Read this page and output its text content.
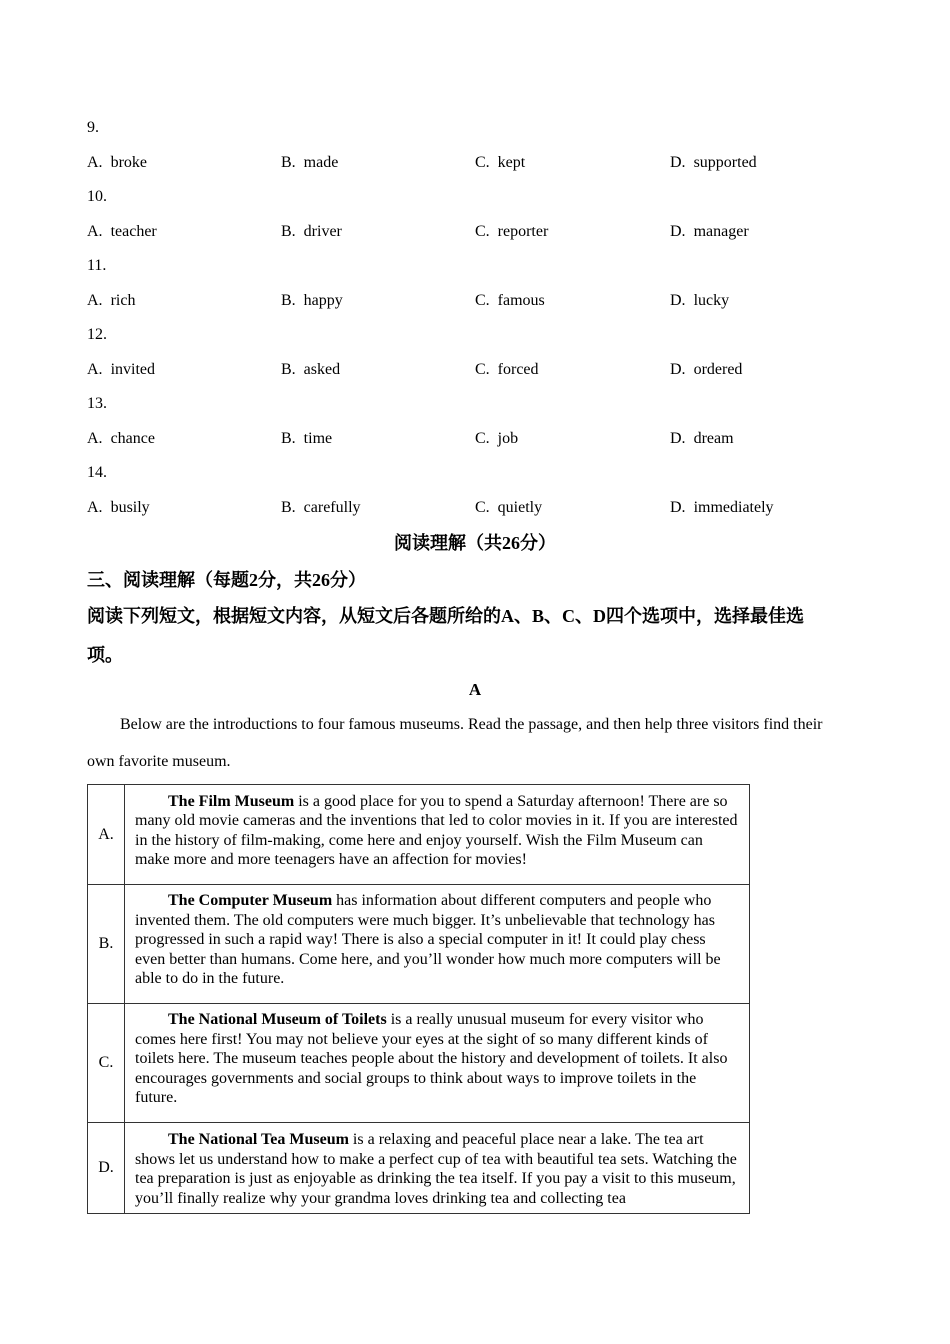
9.
A. broke	B. made	C. kept	D. supported
10.
A. teacher	B. driver	C. reporter	D. manager
11.
A. rich	B. happy	C. famous	D. lucky
12.
A. invited	B. asked	C. forced	D. ordered
13.
A. chance	B. time	C. job	D. dream
14.
A. busily	B. carefully	C. quietly	D. immediately
阅读理解（共26分）
三、阅读理解（每题2分，共26分）
阅读下列短文，根据短文内容，从短文后各题所给的A、B、C、D四个选项中，选择最佳选
项。
A
Below are the introductions to four famous museums. Read the passage, and then help three visitors find their
own favorite museum.
A.	The Film Museum is a good place for you to spend a Saturday afternoon! There are so many old movie cameras and the inventions that led to color movies in it. If you are interested in the history of film-making, come here and enjoy yourself. Wish the Film Museum can make more and more teenagers have an affection for movies!
B.	The Computer Museum has information about different computers and people who invented them. The old computers were much bigger. It’s unbelievable that technology has progressed in such a rapid way! There is also a special computer in it! It could play chess even better than humans. Come here, and you’ll wonder how much more computers will be able to do in the future.
C.	The National Museum of Toilets is a really unusual museum for every visitor who comes here first! You may not believe your eyes at the sight of so many different kinds of toilets here. The museum teaches people about the history and development of toilets. It also encourages governments and social groups to think about ways to improve toilets in the future.
D.	The National Tea Museum is a relaxing and peaceful place near a lake. The tea art shows let us understand how to make a perfect cup of tea with beautiful tea sets. Watching the tea preparation is just as enjoyable as drinking the tea itself. If you pay a visit to this museum, you’ll finally realize why your grandma loves drinking tea and collecting tea
